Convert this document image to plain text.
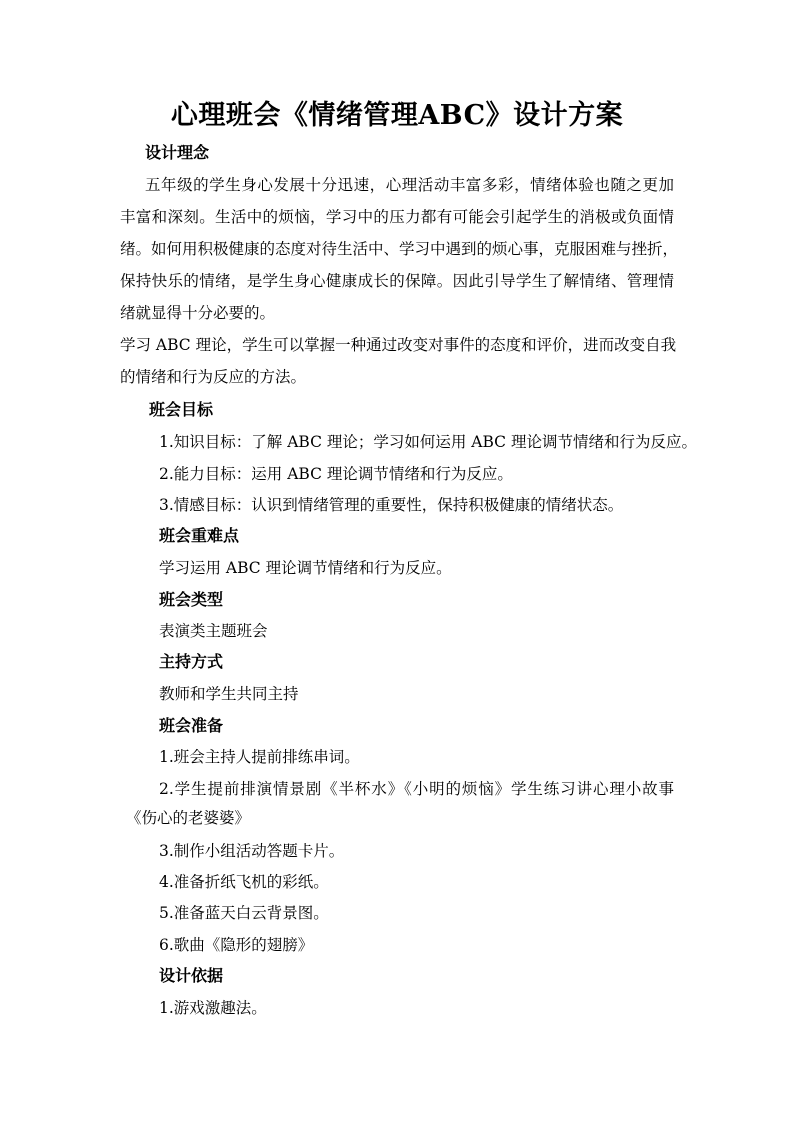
心理班会《情绪管理ABC》设计方案
设计理念
五年级的学生身心发展十分迅速，心理活动丰富多彩，情绪体验也随之更加
丰富和深刻。生活中的烦恼，学习中的压力都有可能会引起学生的消极或负面情
绪。如何用积极健康的态度对待生活中、学习中遇到的烦心事，克服困难与挫折，
保持快乐的情绪，是学生身心健康成长的保障。因此引导学生了解情绪、管理情
绪就显得十分必要的。
学习 ABC 理论，学生可以掌握一种通过改变对事件的态度和评价，进而改变自我
的情绪和行为反应的方法。
班会目标
1.知识目标：了解 ABC 理论；学习如何运用 ABC 理论调节情绪和行为反应。
2.能力目标：运用 ABC 理论调节情绪和行为反应。
3.情感目标：认识到情绪管理的重要性，保持积极健康的情绪状态。
班会重难点
学习运用 ABC 理论调节情绪和行为反应。
班会类型
表演类主题班会
主持方式
教师和学生共同主持
班会准备
1.班会主持人提前排练串词。
2.学生提前排演情景剧《半杯水》《小明的烦恼》学生练习讲心理小故事
《伤心的老婆婆》
3.制作小组活动答题卡片。
4.准备折纸飞机的彩纸。
5.准备蓝天白云背景图。
6.歌曲《隐形的翅膀》
设计依据
1.游戏激趣法。
